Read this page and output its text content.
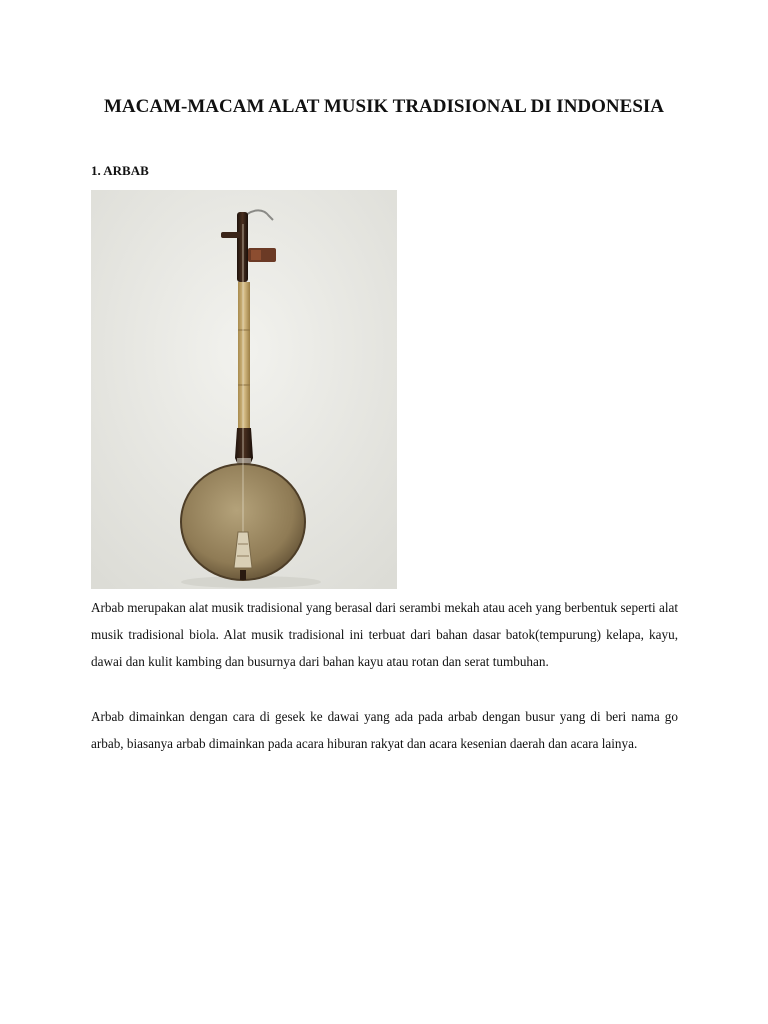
MACAM-MACAM ALAT MUSIK TRADISIONAL DI INDONESIA
1. ARBAB

Arbab merupakan alat musik tradisional yang berasal dari serambi mekah atau aceh yang berbentuk seperti alat musik tradisional biola. Alat musik tradisional ini terbuat dari bahan dasar batok(tempurung) kelapa, kayu, dawai dan kulit kambing dan busurnya dari bahan kayu atau rotan dan serat tumbuhan.

Arbab dimainkan dengan cara di gesek ke dawai yang ada pada arbab dengan busur yang di beri nama go arbab, biasanya arbab dimainkan pada acara hiburan rakyat dan acara kesenian daerah dan acara lainya.
